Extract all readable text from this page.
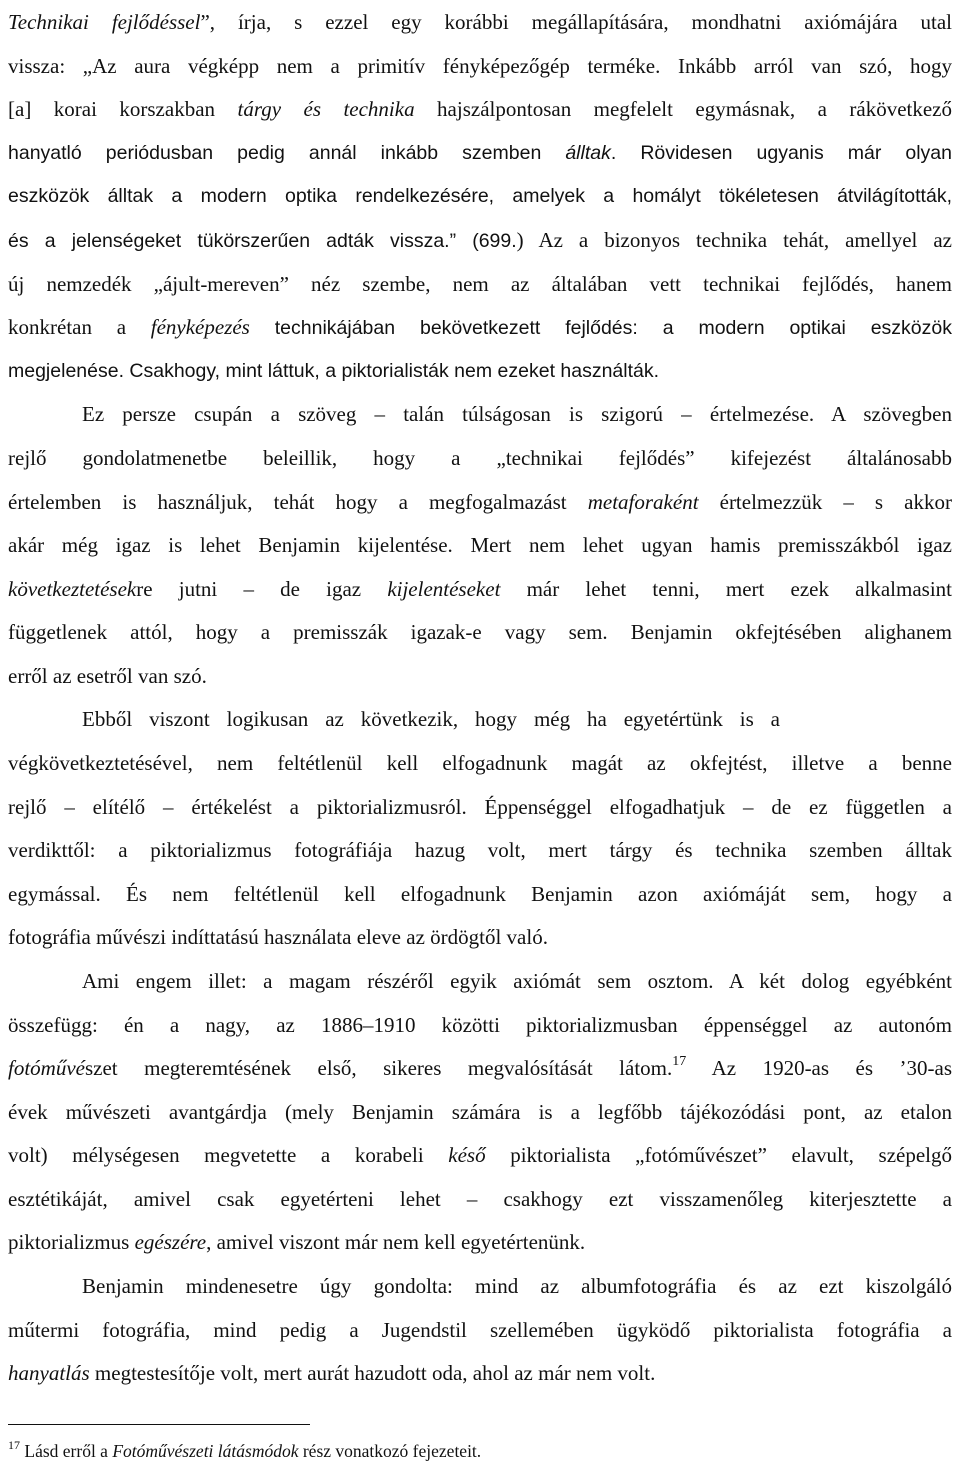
Technikai fejlődéssel”, írja, s ezzel egy korábbi megállapítására, mondhatni axiómájára utal
vissza: „Az aura végképp nem a primitív fényképezőgép terméke. Inkább arról van szó, hogy
[a] korai korszakban tárgy és technika hajszálpontosan megfelelt egymásnak, a rákövetkező
hanyatló periódusban pedig annál inkább szemben álltak. Rövidesen ugyanis már olyan
eszközök álltak a modern optika rendelkezésére, amelyek a homályt tökéletesen átvilágították,
és a jelenségeket tükörszerűen adták vissza.” (699.) Az a bizonyos technika tehát, amellyel az
új nemzedék „ájult-mereven” néz szembe, nem az általában vett technikai fejlődés, hanem
konkrétan a fényképezés technikájában bekövetkezett fejlődés: a modern optikai eszközök
megjelenése. Csakhogy, mint láttuk, a piktorialisták nem ezeket használták.
Ez persze csupán a szöveg – talán túlságosan is szigorú – értelmezése. A szövegben
rejlő gondolatmenetbe beleillik, hogy a „technikai fejlődés” kifejezést általánosabb
értelemben is használjuk, tehát hogy a megfogalmazást metaforaként értelmezzük – s akkor
akár még igaz is lehet Benjamin kijelentése. Mert nem lehet ugyan hamis premisszákból igaz
következtetésekre jutni – de igaz kijelentéseket már lehet tenni, mert ezek alkalmasint
függetlenek attól, hogy a premisszák igazak-e vagy sem. Benjamin okfejtésében alighanem
erről az esetről van szó.
Ebből viszont logikusan az következik, hogy még ha egyetértünk is a
végkövetkeztetésével, nem feltétlenül kell elfogadnunk magát az okfejtést, illetve a benne
rejlő – elítélő – értékelést a piktorializmusról. Éppenséggel elfogadhatjuk – de ez független a
verdikttől: a piktorializmus fotográfiája hazug volt, mert tárgy és technika szemben álltak
egymással. És nem feltétlenül kell elfogadnunk Benjamin azon axiómáját sem, hogy a
fotográfia művészi indíttatású használata eleve az ördögtől való.
Ami engem illet: a magam részéről egyik axiómát sem osztom. A két dolog egyébként
összefügg: én a nagy, az 1886–1910 közötti piktorializmusban éppenséggel az autonóm
fotóművészet megteremtésének első, sikeres megvalósítását látom.$^{17}$ Az 1920-as és ’30-as
évek művészeti avantgárdja (mely Benjamin számára is a legfőbb tájékozódási pont, az etalon
volt) mélységesen megvetette a korabeli késő piktorialista „fotóművészet” elavult, szépelgő
esztétikáját, amivel csak egyetérteni lehet – csakhogy ezt visszamenőleg kiterjesztette a
piktorializmus egészére, amivel viszont már nem kell egyetértenünk.
Benjamin mindenesetre úgy gondolta: mind az albumfotográfia és az ezt kiszolgáló
műtermi fotográfia, mind pedig a Jugendstil szellemében ügyködő piktorialista fotográfia a
hanyatlás megtestesítője volt, mert aurát hazudott oda, ahol az már nem volt.
$^{17}$ Lásd erről a Fotóművészeti látásmódok rész vonatkozó fejezeteit.
